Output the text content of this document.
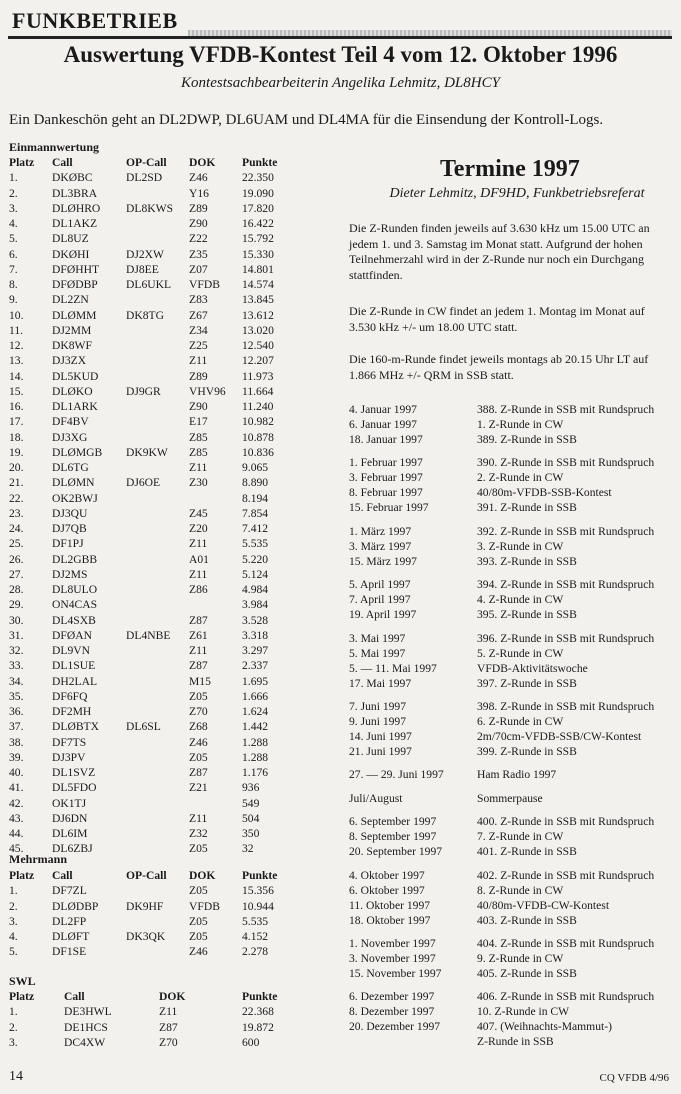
FUNKBETRIEB
Auswertung VFDB-Kontest Teil 4 vom 12. Oktober 1996
Kontestsachbearbeiterin Angelika Lehmitz, DL8HCY
Ein Dankeschön geht an DL2DWP, DL6UAM und DL4MA für die Einsendung der Kontroll-Logs.
Einmannwertung
Platz Call	OP-Call DOK Punkte
1.	DKØBC	DL2SD Z46	22.350
2.	DL3BRA	Y16	19.090
3.	DLØHRO DL8KWS Z89	17.820
4.	DL1AKZ	Z90	16.422
5.	DL8UZ	Z22	15.792
6.	DKØHI	DJ2XW Z35	15.330
7.	DFØHHT DJ8EE	Z07	14.801
8.	DFØDBP DL6UKL VFDB 14.574
9.	DL2ZN	Z83	13.845
10. DLØMM	DK8TG Z67	13.612
11. DJ2MM	Z34	13.020
12. DK8WF	Z25	12.540
13. DJ3ZX	Z11	12.207
14. DL5KUD	Z89	11.973
15. DLØKO	DJ9GR VHV96 11.664
16. DL1ARK	Z90	11.240
17. DF4BV	E17	10.982
18. DJ3XG	Z85	10.878
19. DLØMGB DK9KW Z85	10.836
20. DL6TG	Z11	9.065
21. DLØMN	DJ6OE Z30	8.890
22. OK2BWJ	8.194
23. DJ3QU	Z45	7.854
24. DJ7QB	Z20	7.412
25. DF1PJ	Z11	5.535
26. DL2GBB	A01	5.220
27. DJ2MS	Z11	5.124
28. DL8ULO	Z86	4.984
29. ON4CAS	3.984
30. DL4SXB	Z87	3.528
31. DFØAN	DL4NBE Z61	3.318
32. DL9VN	Z11	3.297
33. DL1SUE	Z87	2.337
34. DH2LAL	M15	1.695
35. DF6FQ	Z05	1.666
36. DF2MH	Z70	1.624
37. DLØBTX DL6SL Z68	1.442
38. DF7TS	Z46	1.288
39. DJ3PV	Z05	1.288
40. DL1SVZ	Z87	1.176
41. DL5FDO	Z21	936
42. OK1TJ	549
43. DJ6DN	Z11	504
44. DL6IM	Z32	350
45. DL6ZBJ	Z05	32
Mehrmann
Platz Call	OP-Call DOK Punkte
1.	DF7ZL	Z05	15.356
2.	DLØDBP DK9HF VFDB 10.944
3.	DL2FP	Z05	5.535
4.	DLØFT	DK3QK Z05	4.152
5.	DF1SE	Z46	2.278
SWL
Platz	Call	DOK	Punkte
1.	DE3HWL	Z11	22.368
2.	DE1HCS	Z87	19.872
3.	DC4XW	Z70	600
Termine 1997
Dieter Lehmitz, DF9HD, Funkbetriebsreferat
Die Z-Runden finden jeweils auf 3.630 kHz um 15.00 UTC an jedem 1. und 3. Samstag im Monat statt. Aufgrund der hohen Teilnehmerzahl wird in der Z-Runde nur noch ein Durchgang stattfinden.
Die Z-Runde in CW findet an jedem 1. Montag im Monat auf 3.530 kHz +/- um 18.00 UTC statt.
Die 160-m-Runde findet jeweils montags ab 20.15 Uhr LT auf 1.866 MHz +/- QRM in SSB statt.
4. Januar 1997	388. Z-Runde in SSB mit Rundspruch
6. Januar 1997	1. Z-Runde in CW
18. Januar 1997	389. Z-Runde in SSB
1. Februar 1997	390. Z-Runde in SSB mit Rundspruch
3. Februar 1997	2. Z-Runde in CW
8. Februar 1997	40/80m-VFDB-SSB-Kontest
15. Februar 1997	391. Z-Runde in SSB
1. März 1997	392. Z-Runde in SSB mit Rundspruch
3. März 1997	3. Z-Runde in CW
15. März 1997	393. Z-Runde in SSB
5. April 1997	394. Z-Runde in SSB mit Rundspruch
7. April 1997	4. Z-Runde in CW
19. April 1997	395. Z-Runde in SSB
3. Mai 1997	396. Z-Runde in SSB mit Rundspruch
5. Mai 1997	5. Z-Runde in CW
5. — 11. Mai 1997	VFDB-Aktivitätswoche
17. Mai 1997	397. Z-Runde in SSB
7. Juni 1997	398. Z-Runde in SSB mit Rundspruch
9. Juni 1997	6. Z-Runde in CW
14. Juni 1997	2m/70cm-VFDB-SSB/CW-Kontest
21. Juni 1997	399. Z-Runde in SSB
27. — 29. Juni 1997	Ham Radio 1997
Juli/August	Sommerpause
6. September 1997	400. Z-Runde in SSB mit Rundspruch
8. September 1997	7. Z-Runde in CW
20. September 1997	401. Z-Runde in SSB
4. Oktober 1997	402. Z-Runde in SSB mit Rundspruch
6. Oktober 1997	8. Z-Runde in CW
11. Oktober 1997	40/80m-VFDB-CW-Kontest
18. Oktober 1997	403. Z-Runde in SSB
1. November 1997	404. Z-Runde in SSB mit Rundspruch
3. November 1997	9. Z-Runde in CW
15. November 1997	405. Z-Runde in SSB
6. Dezember 1997	406. Z-Runde in SSB mit Rundspruch
8. Dezember 1997	10. Z-Runde in CW
20. Dezember 1997	407. (Weihnachts-Mammut-)
Z-Runde in SSB
14	CQ VFDB 4/96
